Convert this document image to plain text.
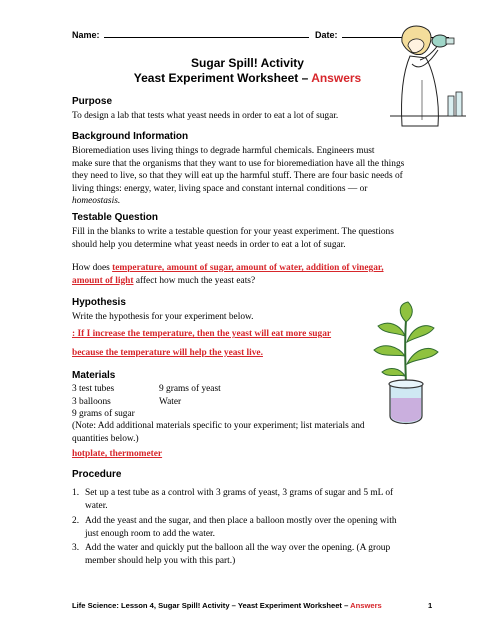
Name:	Date:
Sugar Spill! Activity
Yeast Experiment Worksheet – Answers
Purpose
To design a lab that tests what yeast needs in order to eat a lot of sugar.
Background Information
Bioremediation uses living things to degrade harmful chemicals. Engineers must
make sure that the organisms that they want to use for bioremediation have all the things
they need to live, so that they will eat up the harmful stuff. There are four basic needs of
living things: energy, water, living space and constant internal conditions — or
homeostasis.
Testable Question
Fill in the blanks to write a testable question for your yeast experiment. The questions
should help you determine what yeast needs in order to eat a lot of sugar.
How does temperature, amount of sugar, amount of water, addition of vinegar,
amount of light affect how much the yeast eats?
Hypothesis
Write the hypothesis for your experiment below.
: If I increase the temperature, then the yeast will eat more sugar
because the temperature will help the yeast live.
Materials
3 test tubes
3 balloons
9 grams of sugar
9 grams of yeast
Water
(Note: Add additional materials specific to your experiment; list materials and
quantities below.)
hotplate, thermometer
Procedure
1. Set up a test tube as a control with 3 grams of yeast, 3 grams of sugar and 5 mL of
water.
2. Add the yeast and the sugar, and then place a balloon mostly over the opening with
just enough room to add the water.
3. Add the water and quickly put the balloon all the way over the opening. (A group
member should help you with this part.)
Life Science: Lesson 4, Sugar Spill! Activity – Yeast Experiment Worksheet – Answers	1
